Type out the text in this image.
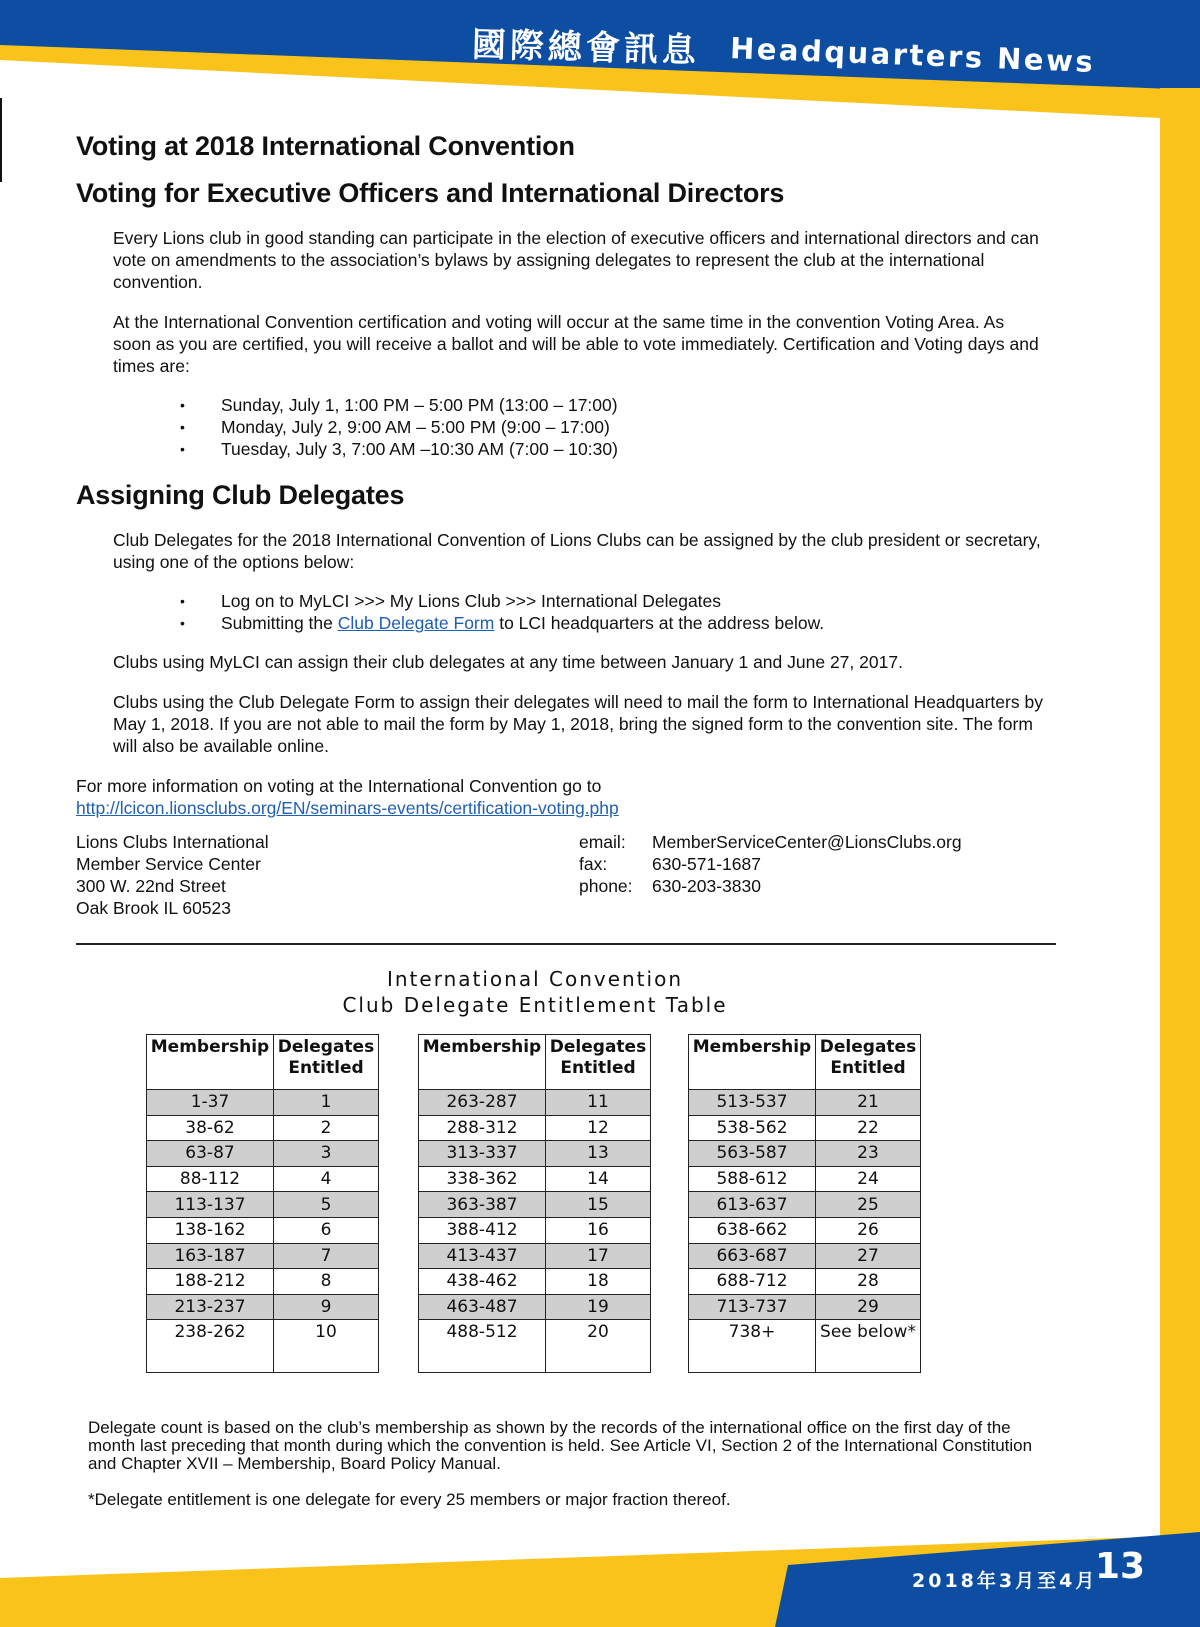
國際總會訊息 Headquarters News
Voting at 2018 International Convention
Voting for Executive Officers and International Directors

Every Lions club in good standing can participate in the election of executive officers and international directors and can vote on amendments to the association’s bylaws by assigning delegates to represent the club at the international convention.

At the International Convention certification and voting will occur at the same time in the convention Voting Area. As soon as you are certified, you will receive a ballot and will be able to vote immediately. Certification and Voting days and times are:

• Sunday, July 1, 1:00 PM – 5:00 PM (13:00 – 17:00)
• Monday, July 2, 9:00 AM – 5:00 PM (9:00 – 17:00)
• Tuesday, July 3, 7:00 AM –10:30 AM (7:00 – 10:30)
Assigning Club Delegates

Club Delegates for the 2018 International Convention of Lions Clubs can be assigned by the club president or secretary, using one of the options below:

• Log on to MyLCI >>> My Lions Club >>> International Delegates
• Submitting the Club Delegate Form to LCI headquarters at the address below.

Clubs using MyLCI can assign their club delegates at any time between January 1 and June 27, 2017.

Clubs using the Club Delegate Form to assign their delegates will need to mail the form to International Headquarters by May 1, 2018. If you are not able to mail the form by May 1, 2018, bring the signed form to the convention site. The form will also be available online.

For more information on voting at the International Convention go to

http://lcicon.lionsclubs.org/EN/seminars-events/certification-voting.php

Lions Clubs International
Member Service Center
300 W. 22nd Street
Oak Brook IL 60523
email:	MemberServiceCenter@LionsClubs.org
fax:	630-571-1687
phone:	630-203-3830
International Convention
Club Delegate Entitlement Table
Membership	Delegates Entitled
1-37	1
38-62	2
63-87	3
88-112	4
113-137	5
138-162	6
163-187	7
188-212	8
213-237	9
238-262	10
Membership	Delegates Entitled
263-287	11
288-312	12
313-337	13
338-362	14
363-387	15
388-412	16
413-437	17
438-462	18
463-487	19
488-512	20
Membership	Delegates Entitled
513-537	21
538-562	22
563-587	23
588-612	24
613-637	25
638-662	26
663-687	27
688-712	28
713-737	29
738+	See below*

Delegate count is based on the club’s membership as shown by the records of the international office on the first day of the month last preceding that month during which the convention is held. See Article VI, Section 2 of the International Constitution and Chapter XVII – Membership, Board Policy Manual.

*Delegate entitlement is one delegate for every 25 members or major fraction thereof.

2018年3月至4月
13
